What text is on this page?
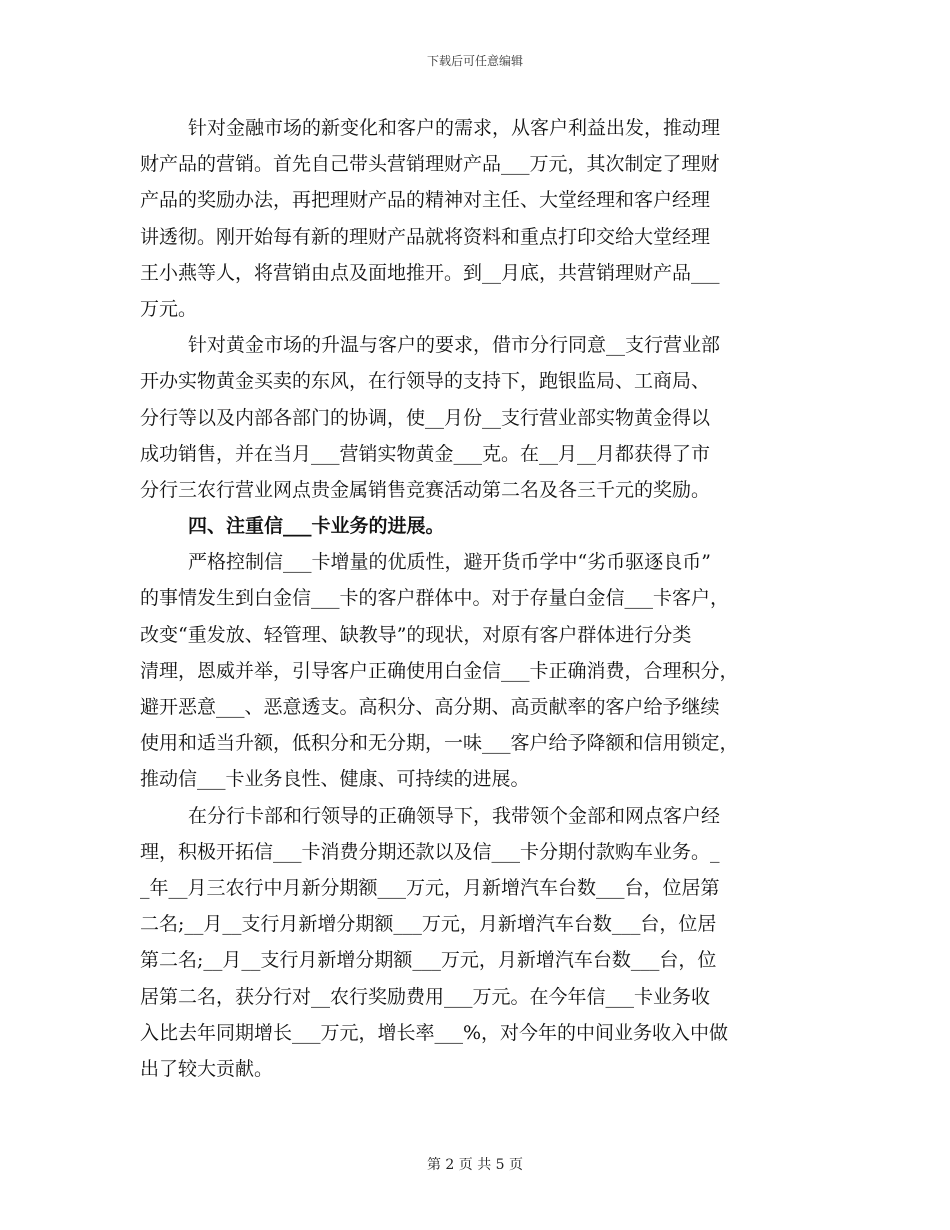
下载后可任意编辑
针对金融市场的新变化和客户的需求，从客户利益出发，推动理
财产品的营销。首先自己带头营销理财产品___万元，其次制定了理财
产品的奖励办法，再把理财产品的精神对主任、大堂经理和客户经理
讲透彻。刚开始每有新的理财产品就将资料和重点打印交给大堂经理
王小燕等人，将营销由点及面地推开。到__月底，共营销理财产品___
万元。
针对黄金市场的升温与客户的要求，借市分行同意__支行营业部
开办实物黄金买卖的东风，在行领导的支持下，跑银监局、工商局、
分行等以及内部各部门的协调，使__月份__支行营业部实物黄金得以
成功销售，并在当月___营销实物黄金___克。在__月__月都获得了市
分行三农行营业网点贵金属销售竞赛活动第二名及各三千元的奖励。
四、注重信___卡业务的进展。
严格控制信___卡增量的优质性，避开货币学中“劣币驱逐良币”
的事情发生到白金信___卡的客户群体中。对于存量白金信___卡客户，
改变“重发放、轻管理、缺教导”的现状，对原有客户群体进行分类
清理，恩威并举，引导客户正确使用白金信___卡正确消费，合理积分，
避开恶意___、恶意透支。高积分、高分期、高贡献率的客户给予继续
使用和适当升额，低积分和无分期，一味___客户给予降额和信用锁定，
推动信___卡业务良性、健康、可持续的进展。
在分行卡部和行领导的正确领导下，我带领个金部和网点客户经
理，积极开拓信___卡消费分期还款以及信___卡分期付款购车业务。_
_年__月三农行中月新分期额___万元，月新增汽车台数___台，位居第
二名;__月__支行月新增分期额___万元，月新增汽车台数___台，位居
第二名;__月__支行月新增分期额___万元，月新增汽车台数___台，位
居第二名，获分行对__农行奖励费用___万元。在今年信___卡业务收
入比去年同期增长___万元，增长率___%，对今年的中间业务收入中做
出了较大贡献。
第 2 页 共 5 页
